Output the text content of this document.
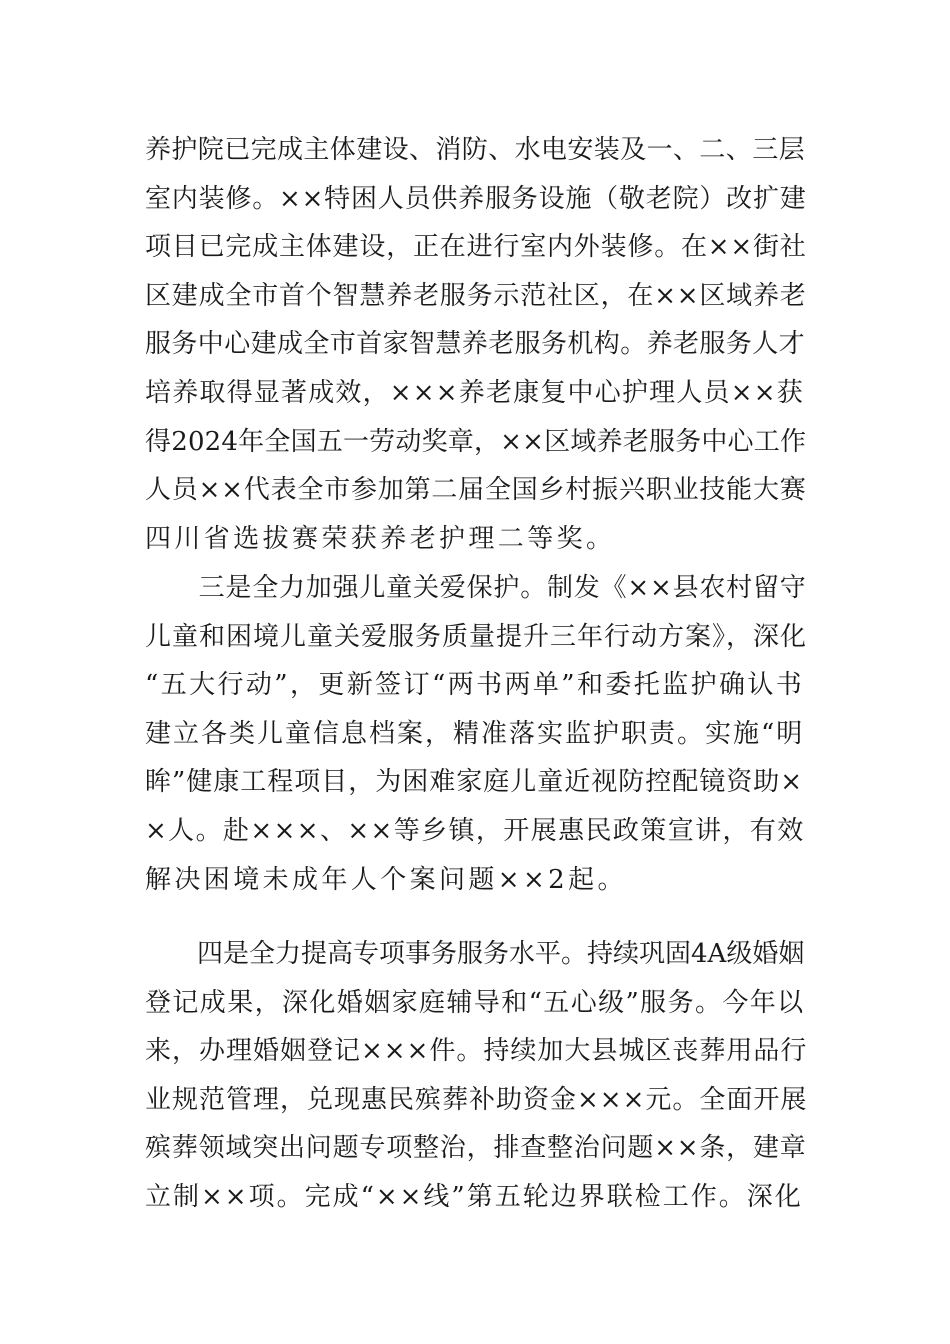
养护院已完成主体建设、消防、水电安装及一、二、三层
室内装修。××特困人员供养服务设施（敬老院）改扩建
项目已完成主体建设，正在进行室内外装修。在××街社
区建成全市首个智慧养老服务示范社区，在××区域养老
服务中心建成全市首家智慧养老服务机构。养老服务人才
培养取得显著成效，×××养老康复中心护理人员××获
得2024年全国五一劳动奖章，××区域养老服务中心工作
人员××代表全市参加第二届全国乡村振兴职业技能大赛
四川省选拔赛荣获养老护理二等奖。
　　三是全力加强儿童关爱保护。制发《××县农村留守
儿童和困境儿童关爱服务质量提升三年行动方案》，深化
“五大行动”，更新签订“两书两单”和委托监护确认书
建立各类儿童信息档案，精准落实监护职责。实施“明
眸”健康工程项目，为困难家庭儿童近视防控配镜资助×
×人。赴×××、××等乡镇，开展惠民政策宣讲，有效
解决困境未成年人个案问题××2起。
　　四是全力提高专项事务服务水平。持续巩固4A级婚姻
登记成果，深化婚姻家庭辅导和“五心级”服务。今年以
来，办理婚姻登记×××件。持续加大县城区丧葬用品行
业规范管理，兑现惠民殡葬补助资金×××元。全面开展
殡葬领域突出问题专项整治，排查整治问题××条，建章
立制××项。完成“××线”第五轮边界联检工作。深化
